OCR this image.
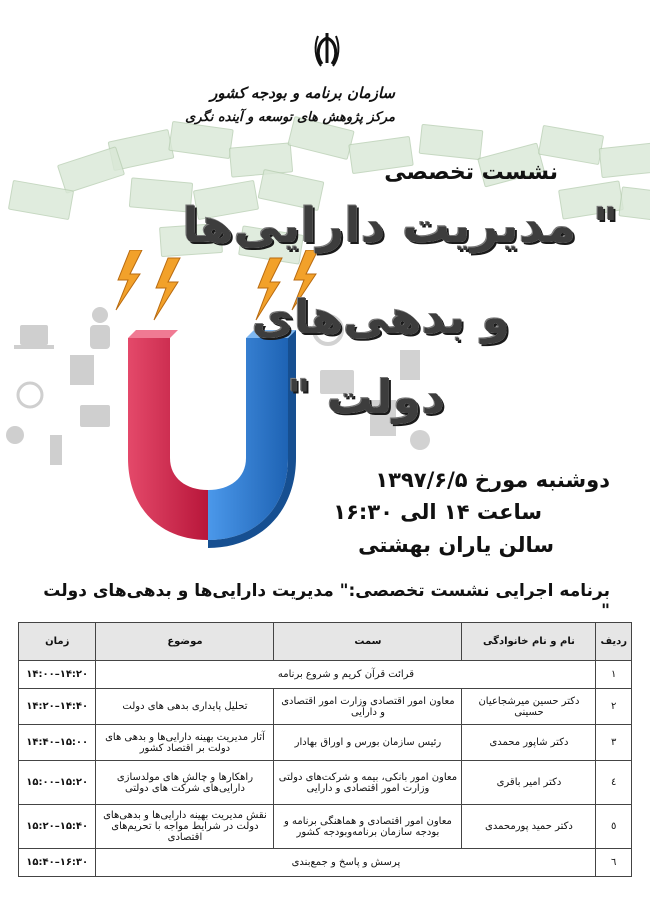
سازمان برنامه و بودجه کشور
مرکز پژوهش های توسعه و آینده نگری
نشست تخصصی
" مدیریت دارایی‌ها
و بدهی‌های
دولت "
دوشنبه مورخ ۱۳۹۷/۶/۵
ساعت ۱۴ الی ۱۶:۳۰
سالن یاران بهشتی
برنامه اجرایی نشست تخصصی:" مدیریت دارایی‌ها و بدهی‌های دولت "
ردیف	نام و نام خانوادگی	سمت	موضوع	زمان
۱	قرائت قرآن کریم و شروع برنامه			۱۴:۰۰–۱۴:۲۰
۲	دکتر حسین میرشجاعیان حسینی	معاون امور اقتصادی وزارت امور اقتصادی و دارایی	تحلیل پایداری بدهی های دولت	۱۴:۲۰–۱۴:۴۰
۳	دکتر شاپور محمدی	رئیس سازمان بورس و اوراق بهادار	آثار مدیریت بهینه دارایی‌ها و بدهی های دولت بر اقتصاد کشور	۱۴:۴۰–۱۵:۰۰
٤	دکتر امیر باقری	معاون امور بانکی، بیمه و شرکت‌های دولتی وزارت امور اقتصادی و دارایی	راهکارها و چالش های مولدسازی دارایی‌های شرکت های دولتی	۱۵:۰۰–۱۵:۲۰
٥	دکتر حمید پورمحمدی	معاون امور اقتصادی و هماهنگی برنامه و بودجه سازمان برنامه‌وبودجه کشور	نقش مدیریت بهینه دارایی‌ها و بدهی‌های دولت در شرایط مواجه با تحریم‌های اقتصادی	۱۵:۲۰–۱۵:۴۰
٦	پرسش و پاسخ و جمع‌بندی			۱۵:۴۰–۱۶:۳۰
